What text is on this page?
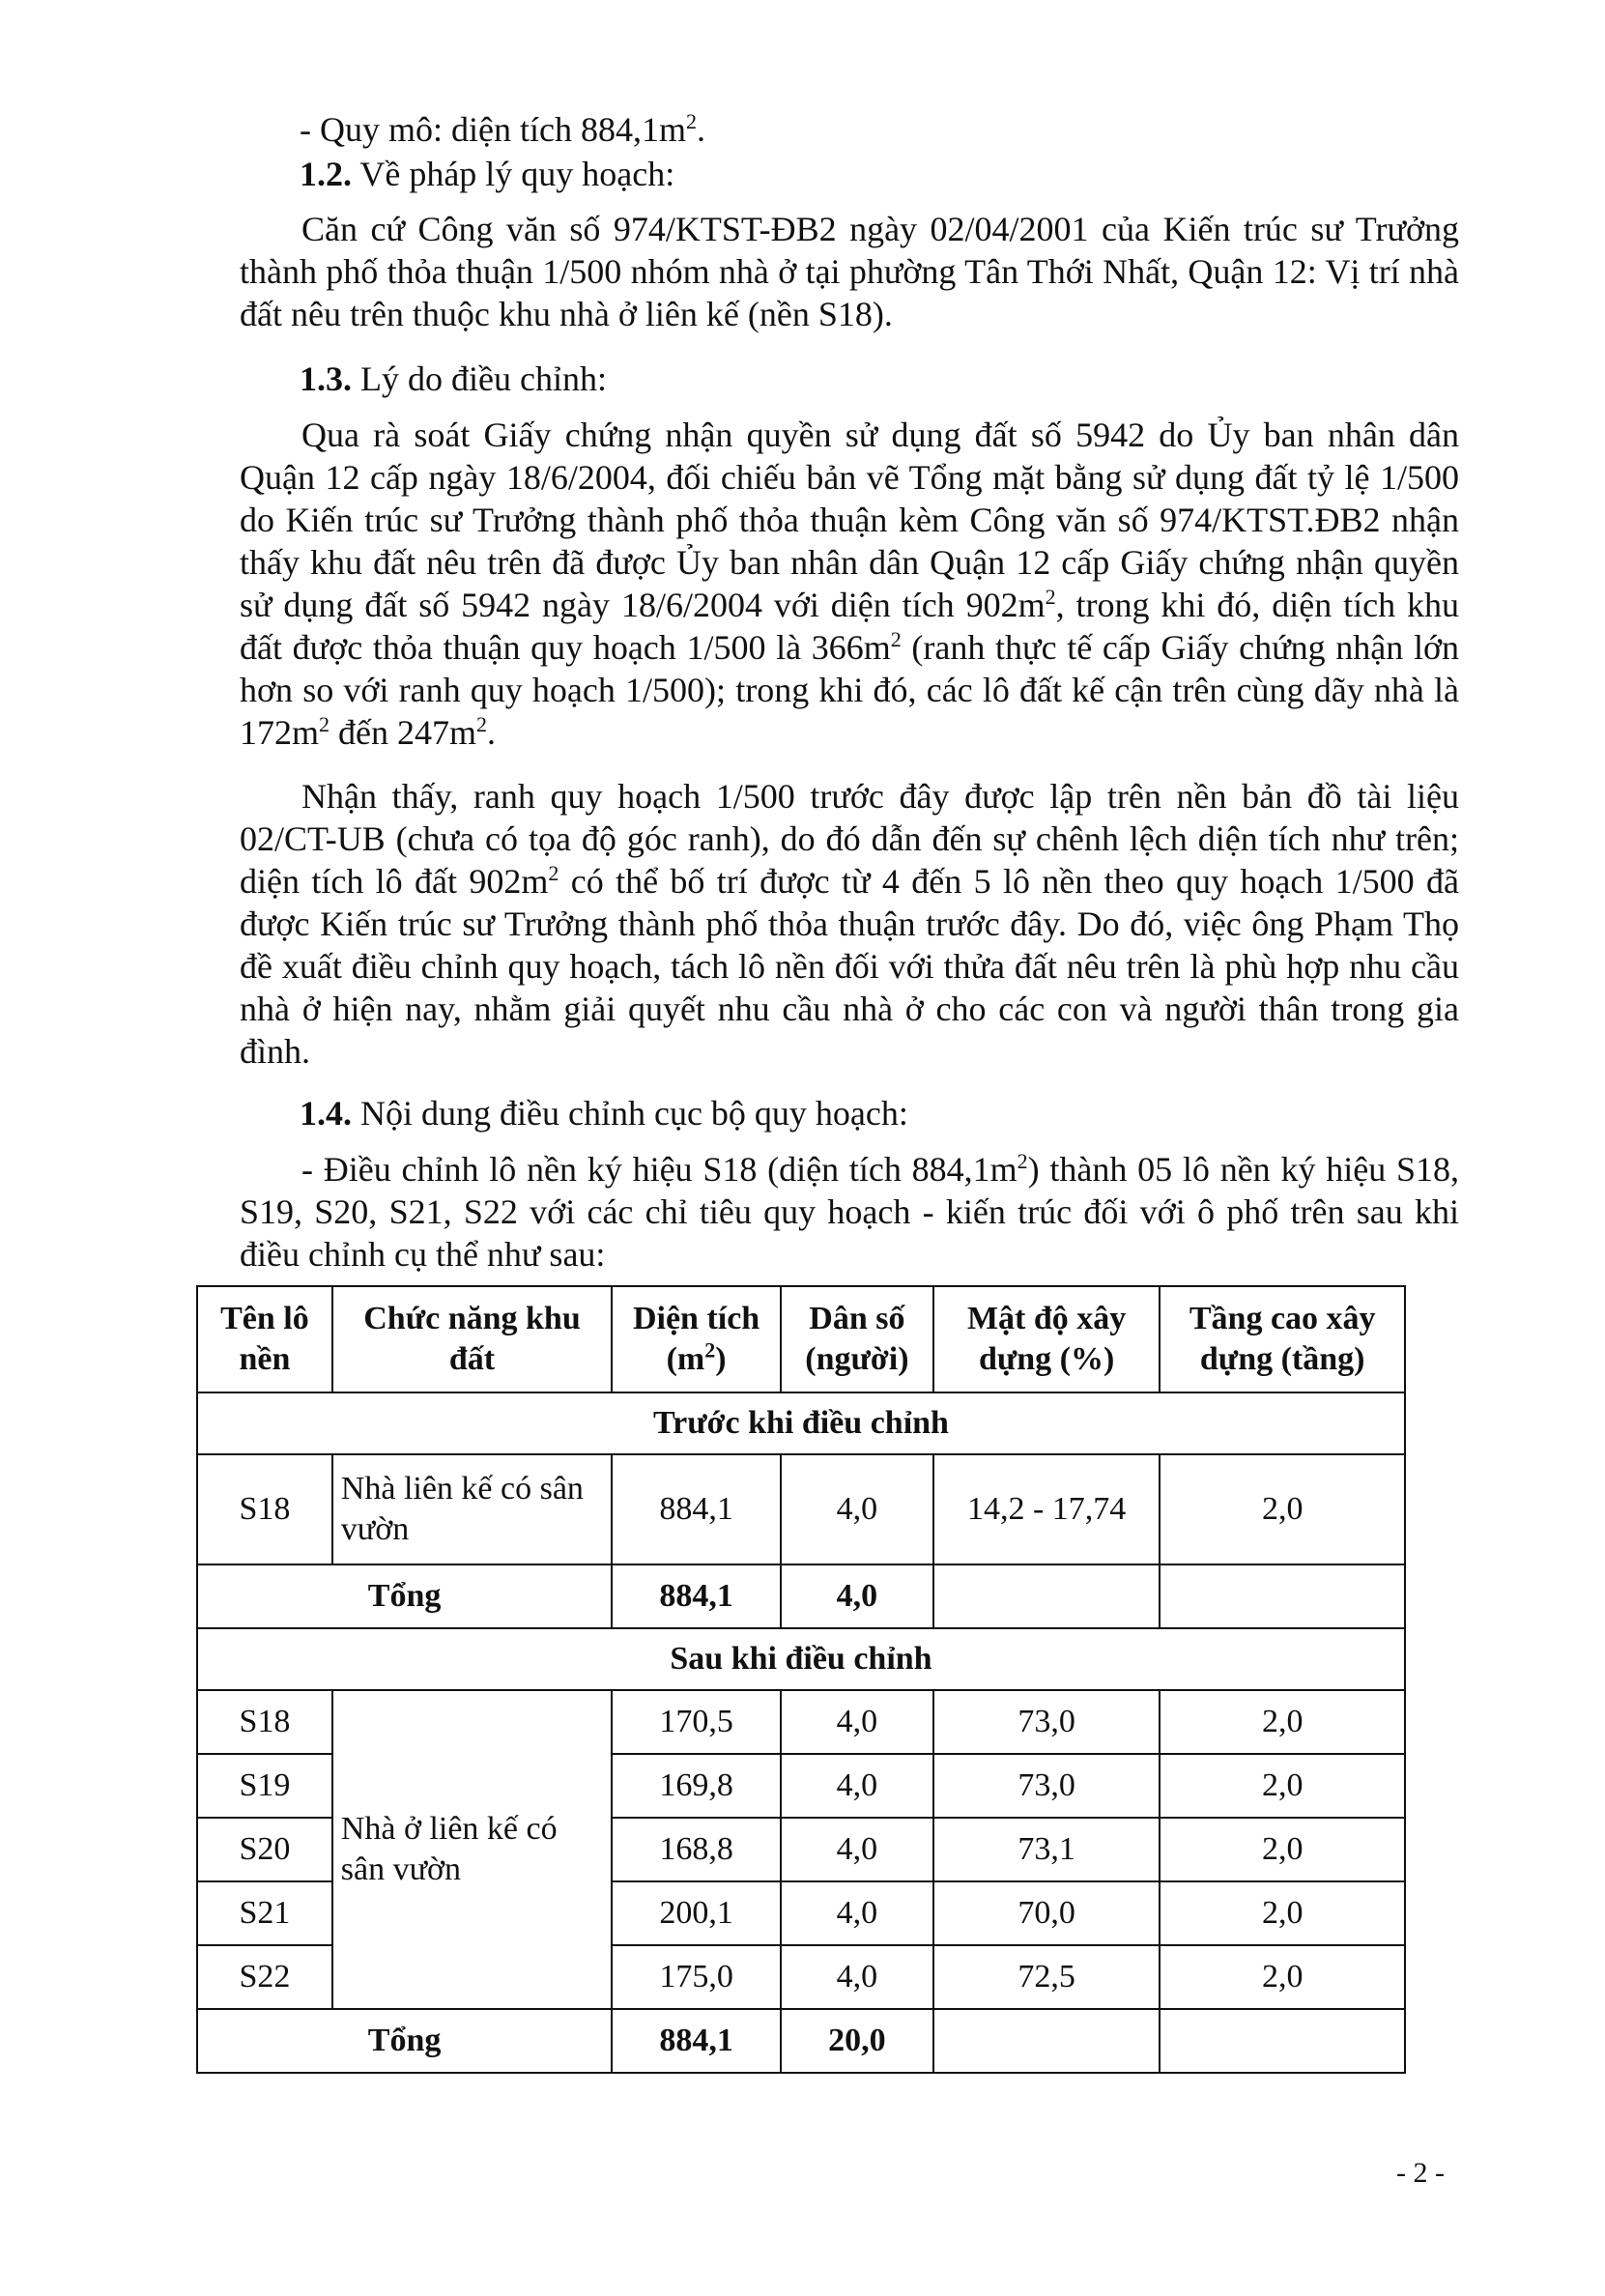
- Quy mô: diện tích $884,1m^2$.
1.2. Về pháp lý quy hoạch:
Căn cứ Công văn số 974/KTST-ĐB2 ngày 02/04/2001 của Kiến trúc sư Trưởng thành phố thỏa thuận 1/500 nhóm nhà ở tại phường Tân Thới Nhất, Quận 12: Vị trí nhà đất nêu trên thuộc khu nhà ở liên kế (nền S18).
1.3. Lý do điều chỉnh:
Qua rà soát Giấy chứng nhận quyền sử dụng đất số 5942 do Ủy ban nhân dân Quận 12 cấp ngày 18/6/2004, đối chiếu bản vẽ Tổng mặt bằng sử dụng đất tỷ lệ 1/500 do Kiến trúc sư Trưởng thành phố thỏa thuận kèm Công văn số 974/KTST.ĐB2 nhận thấy khu đất nêu trên đã được Ủy ban nhân dân Quận 12 cấp Giấy chứng nhận quyền sử dụng đất số 5942 ngày 18/6/2004 với diện tích $902m^2$, trong khi đó, diện tích khu đất được thỏa thuận quy hoạch 1/500 là $366m^2$ (ranh thực tế cấp Giấy chứng nhận lớn hơn so với ranh quy hoạch 1/500); trong khi đó, các lô đất kế cận trên cùng dãy nhà là $172m^2$ đến $247m^2$.
Nhận thấy, ranh quy hoạch 1/500 trước đây được lập trên nền bản đồ tài liệu 02/CT-UB (chưa có tọa độ góc ranh), do đó dẫn đến sự chênh lệch diện tích như trên; diện tích lô đất $902m^2$ có thể bố trí được từ 4 đến 5 lô nền theo quy hoạch 1/500 đã được Kiến trúc sư Trưởng thành phố thỏa thuận trước đây. Do đó, việc ông Phạm Thọ đề xuất điều chỉnh quy hoạch, tách lô nền đối với thửa đất nêu trên là phù hợp nhu cầu nhà ở hiện nay, nhằm giải quyết nhu cầu nhà ở cho các con và người thân trong gia đình.
1.4. Nội dung điều chỉnh cục bộ quy hoạch:
- Điều chỉnh lô nền ký hiệu S18 (diện tích $884,1m^2$) thành 05 lô nền ký hiệu S18, S19, S20, S21, S22 với các chỉ tiêu quy hoạch - kiến trúc đối với ô phố trên sau khi điều chỉnh cụ thể như sau:
Tên lô nền	Chức năng khu đất	Diện tích $(m^2)$	Dân số (người)	Mật độ xây dựng (%)	Tầng cao xây dựng (tầng)
Trước khi điều chỉnh					
S18	Nhà liên kế có sân vườn	884,1	4,0	14,2 - 17,74	2,0
Tổng		884,1	4,0		
Sau khi điều chỉnh					
S18	Nhà ở liên kế có sân vườn	170,5	4,0	73,0	2,0
S19		169,8	4,0	73,0	2,0
S20		168,8	4,0	73,1	2,0
S21		200,1	4,0	70,0	2,0
S22		175,0	4,0	72,5	2,0
Tổng		884,1	20,0		
- 2 -
